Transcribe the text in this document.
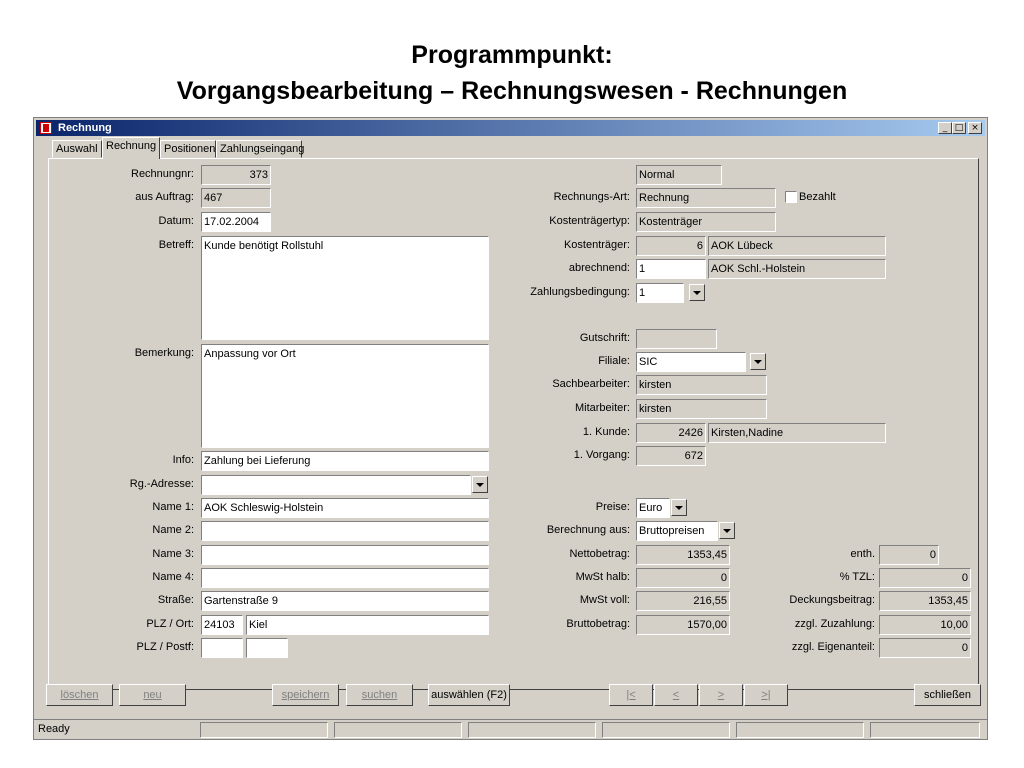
Programmpunkt:
Vorgangsbearbeitung – Rechnungswesen - Rechnungen
Rechnung	_ □ ×
Auswahl Rechnung Positionen Zahlungseingang
Rechnungnr:	373
aus Auftrag: 467
Datum: 17.02.2004
Betreff: Kunde benötigt Rollstuhl
Bemerkung: Anpassung vor Ort
Info: Zahlung bei Lieferung
Rg.-Adresse:
Name 1: AOK Schleswig-Holstein
Name 2:
Name 3:
Name 4:
Straße: Gartenstraße 9
PLZ / Ort: 24103	Kiel
PLZ / Postf:
Normal
Rechnungs-Art: Rechnung	Bezahlt
Kostenträgertyp: Kostenträger
Kostenträger:	6 AOK Lübeck
abrechnend: 1	AOK Schl.-Holstein
Zahlungsbedingung: 1
Gutschrift:
Filiale: SIC
Sachbearbeiter: kirsten
Mitarbeiter: kirsten
1. Kunde:	2426 Kirsten,Nadine
1. Vorgang:	672
Preise: Euro
Berechnung aus: Bruttopreisen
Nettobetrag:	1353,45
MwSt halb:	0
MwSt voll:	216,55
Bruttobetrag:	1570,00
enth.	0
% TZL:	0
Deckungsbeitrag:	1353,45
zzgl. Zuzahlung:	10,00
zzgl. Eigenanteil:	0
löschen	neu	speichern	suchen	auswählen (F2)	|<	<	>	>|	schließen
Ready
